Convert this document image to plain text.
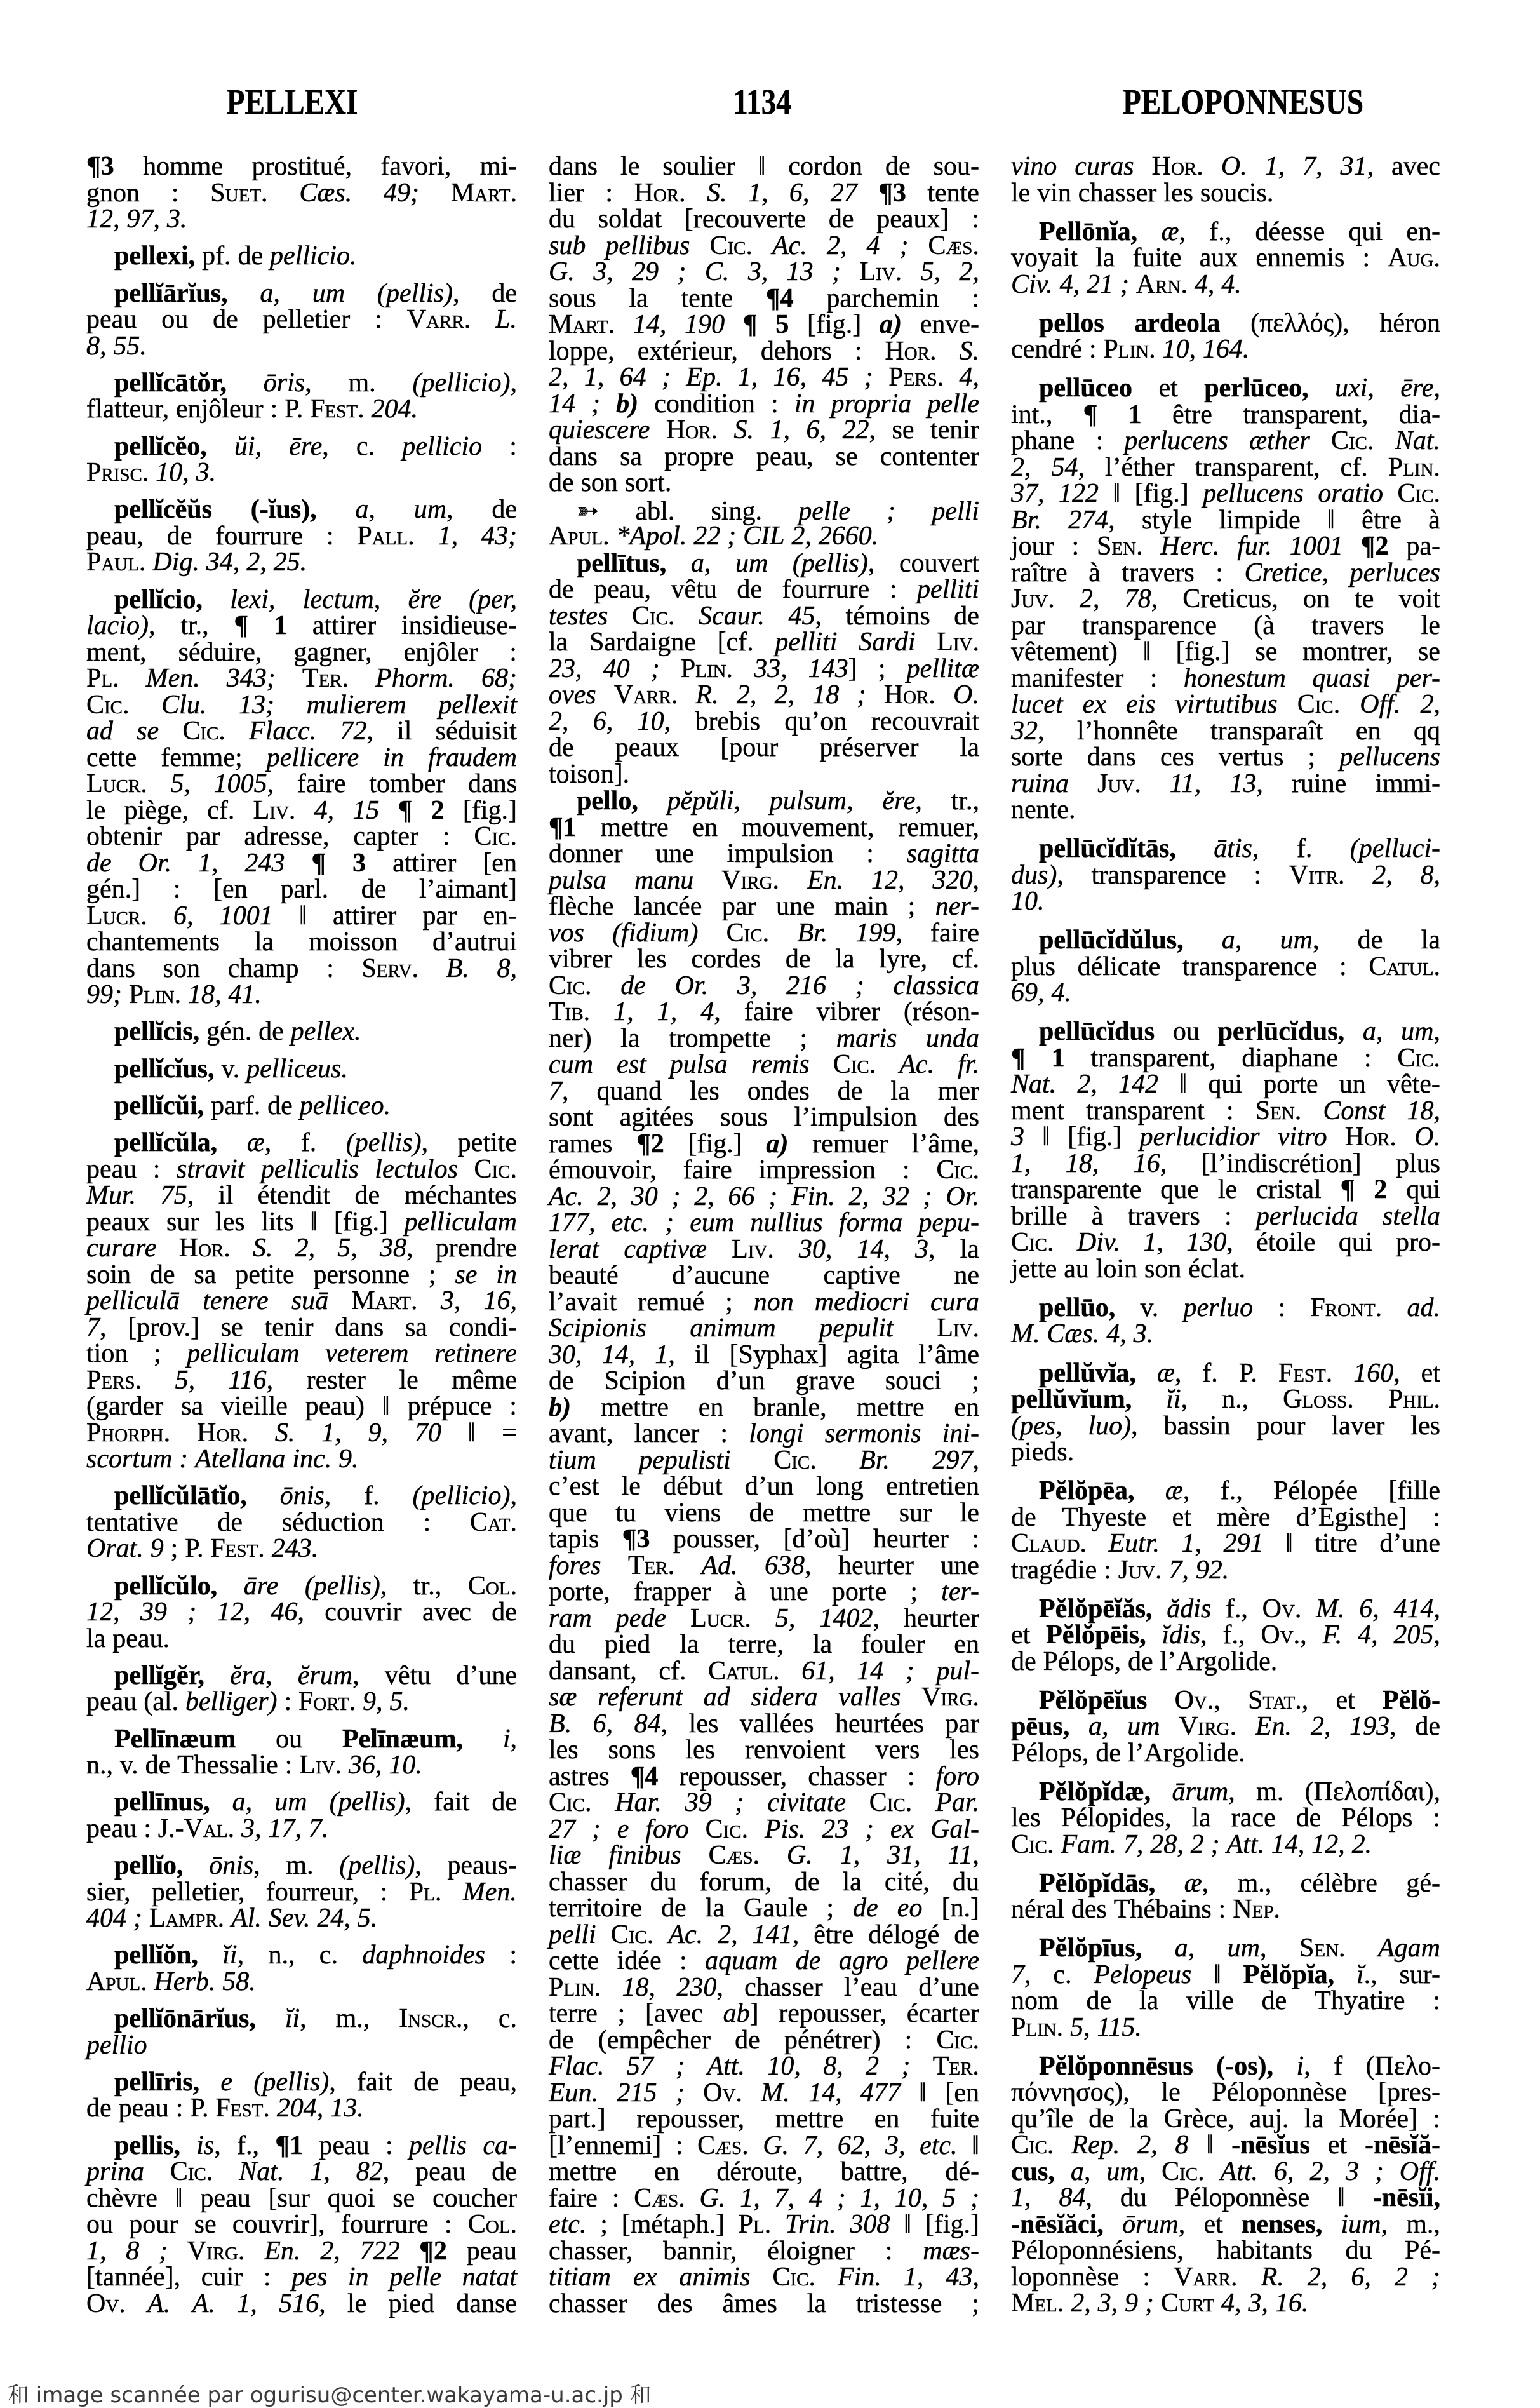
PELLEXI	1134	PELOPONNESUS
¶3 homme prostitué, favori, mi-
gnon : Suet. Cæs. 49; Mart.
12, 97, 3.
pellexi, pf. de pellicio.
pellĭārĭus, a, um (pellis), de
peau ou de pelletier : Varr. L.
8, 55.
pellĭcātŏr, ōris, m. (pellicio),
flatteur, enjôleur : P. Fest. 204.
pellĭcĕo, ŭi, ēre, c. pellicio :
Prisc. 10, 3.
pellĭcĕŭs (-ĭus), a, um, de
peau, de fourrure : Pall. 1, 43;
Paul. Dig. 34, 2, 25.
pellĭcio, lexi, lectum, ĕre (per,
lacio), tr., ¶ 1 attirer insidieuse-
ment, séduire, gagner, enjôler :
Pl. Men. 343; Ter. Phorm. 68;
Cic. Clu. 13; mulierem pellexit
ad se Cic. Flacc. 72, il séduisit
cette femme; pellicere in fraudem
Lucr. 5, 1005, faire tomber dans
le piège, cf. Liv. 4, 15 ¶ 2 [fig.]
obtenir par adresse, capter : Cic.
de Or. 1, 243 ¶ 3 attirer [en
gén.] : [en parl. de l’aimant]
Lucr. 6, 1001 ‖ attirer par en-
chantements la moisson d’autrui
dans son champ : Serv. B. 8,
99; Plin. 18, 41.
pellĭcis, gén. de pellex.
pellĭcĭus, v. pelliceus.
pellĭcŭi, parf. de pelliceo.
pellĭcŭla, æ, f. (pellis), petite
peau : stravit pelliculis lectulos Cic.
Mur. 75, il étendit de méchantes
peaux sur les lits ‖ [fig.] pelliculam
curare Hor. S. 2, 5, 38, prendre
soin de sa petite personne ; se in
pelliculā tenere suā Mart. 3, 16,
7, [prov.] se tenir dans sa condi-
tion ; pelliculam veterem retinere
Pers. 5, 116, rester le même
(garder sa vieille peau) ‖ prépuce :
Phorph. Hor. S. 1, 9, 70 ‖ =
scortum : Atellana inc. 9.
pellĭcŭlātĭo, ōnis, f. (pellicio),
tentative de séduction : Cat.
Orat. 9 ; P. Fest. 243.
pellĭcŭlo, āre (pellis), tr., Col.
12, 39 ; 12, 46, couvrir avec de
la peau.
pellĭgĕr, ĕra, ĕrum, vêtu d’une
peau (al. belliger) : Fort. 9, 5.
Pellīnæum ou Pelīnæum, i,
n., v. de Thessalie : Liv. 36, 10.
pellīnus, a, um (pellis), fait de
peau : J.-Val. 3, 17, 7.
pellĭo, ōnis, m. (pellis), peaus-
sier, pelletier, fourreur, : Pl. Men.
404 ; Lampr. Al. Sev. 24, 5.
pellĭŏn, ĭi, n., c. daphnoides :
Apul. Herb. 58.
pellĭōnārĭus, ĭi, m., Inscr., c.
pellio
pellīris, e (pellis), fait de peau,
de peau : P. Fest. 204, 13.
pellis, is, f., ¶1 peau : pellis ca-
prina Cic. Nat. 1, 82, peau de
chèvre ‖ peau [sur quoi se coucher
ou pour se couvrir], fourrure : Col.
1, 8 ; Virg. En. 2, 722 ¶2 peau
[tannée], cuir : pes in pelle natat
Ov. A. A. 1, 516, le pied danse
dans le soulier ‖ cordon de sou-
lier : Hor. S. 1, 6, 27 ¶3 tente
du soldat [recouverte de peaux] :
sub pellibus Cic. Ac. 2, 4 ; Cæs.
G. 3, 29 ; C. 3, 13 ; Liv. 5, 2,
sous la tente ¶4 parchemin :
Mart. 14, 190 ¶ 5 [fig.] a) enve-
loppe, extérieur, dehors : Hor. S.
2, 1, 64 ; Ep. 1, 16, 45 ; Pers. 4,
14 ; b) condition : in propria pelle
quiescere Hor. S. 1, 6, 22, se tenir
dans sa propre peau, se contenter
de son sort.
➳ abl. sing. pelle ; pelli
Apul. *Apol. 22 ; CIL 2, 2660.
pellītus, a, um (pellis), couvert
de peau, vêtu de fourrure : pelliti
testes Cic. Scaur. 45, témoins de
la Sardaigne [cf. pelliti Sardi Liv.
23, 40 ; Plin. 33, 143] ; pellitæ
oves Varr. R. 2, 2, 18 ; Hor. O.
2, 6, 10, brebis qu’on recouvrait
de peaux [pour préserver la
toison].
pello, pĕpŭli, pulsum, ĕre, tr.,
¶1 mettre en mouvement, remuer,
donner une impulsion : sagitta
pulsa manu Virg. En. 12, 320,
flèche lancée par une main ; ner-
vos (fidium) Cic. Br. 199, faire
vibrer les cordes de la lyre, cf.
Cic. de Or. 3, 216 ; classica
Tib. 1, 1, 4, faire vibrer (réson-
ner) la trompette ; maris unda
cum est pulsa remis Cic. Ac. fr.
7, quand les ondes de la mer
sont agitées sous l’impulsion des
rames ¶2 [fig.] a) remuer l’âme,
émouvoir, faire impression : Cic.
Ac. 2, 30 ; 2, 66 ; Fin. 2, 32 ; Or.
177, etc. ; eum nullius forma pepu-
lerat captivæ Liv. 30, 14, 3, la
beauté d’aucune captive ne
l’avait remué ; non mediocri cura
Scipionis animum pepulit Liv.
30, 14, 1, il [Syphax] agita l’âme
de Scipion d’un grave souci ;
b) mettre en branle, mettre en
avant, lancer : longi sermonis ini-
tium pepulisti Cic. Br. 297,
c’est le début d’un long entretien
que tu viens de mettre sur le
tapis ¶3 pousser, [d’où] heurter :
fores Ter. Ad. 638, heurter une
porte, frapper à une porte ; ter-
ram pede Lucr. 5, 1402, heurter
du pied la terre, la fouler en
dansant, cf. Catul. 61, 14 ; pul-
sæ referunt ad sidera valles Virg.
B. 6, 84, les vallées heurtées par
les sons les renvoient vers les
astres ¶4 repousser, chasser : foro
Cic. Har. 39 ; civitate Cic. Par.
27 ; e foro Cic. Pis. 23 ; ex Gal-
liæ finibus Cæs. G. 1, 31, 11,
chasser du forum, de la cité, du
territoire de la Gaule ; de eo [n.]
pelli Cic. Ac. 2, 141, être délogé de
cette idée : aquam de agro pellere
Plin. 18, 230, chasser l’eau d’une
terre ; [avec ab] repousser, écarter
de (empêcher de pénétrer) : Cic.
Flac. 57 ; Att. 10, 8, 2 ; Ter.
Eun. 215 ; Ov. M. 14, 477 ‖ [en
part.] repousser, mettre en fuite
[l’ennemi] : Cæs. G. 7, 62, 3, etc. ‖
mettre en déroute, battre, dé-
faire : Cæs. G. 1, 7, 4 ; 1, 10, 5 ;
etc. ; [métaph.] Pl. Trin. 308 ‖ [fig.]
chasser, bannir, éloigner : mæs-
titiam ex animis Cic. Fin. 1, 43,
chasser des âmes la tristesse ;
vino curas Hor. O. 1, 7, 31, avec
le vin chasser les soucis.
Pellōnĭa, æ, f., déesse qui en-
voyait la fuite aux ennemis : Aug.
Civ. 4, 21 ; Arn. 4, 4.
pellos ardeola (πελλός), héron
cendré : Plin. 10, 164.
pellūceo et perlūceo, uxi, ēre,
int., ¶ 1 être transparent, dia-
phane : perlucens æther Cic. Nat.
2, 54, l’éther transparent, cf. Plin.
37, 122 ‖ [fig.] pellucens oratio Cic.
Br. 274, style limpide ‖ être à
jour : Sen. Herc. fur. 1001 ¶2 pa-
raître à travers : Cretice, perluces
Juv. 2, 78, Creticus, on te voit
par transparence (à travers le
vêtement) ‖ [fig.] se montrer, se
manifester : honestum quasi per-
lucet ex eis virtutibus Cic. Off. 2,
32, l’honnête transparaît en qq
sorte dans ces vertus ; pellucens
ruina Juv. 11, 13, ruine immi-
nente.
pellūcĭdĭtās, ātis, f. (pelluci-
dus), transparence : Vitr. 2, 8,
10.
pellūcĭdŭlus, a, um, de la
plus délicate transparence : Catul.
69, 4.
pellūcĭdus ou perlūcĭdus, a, um,
¶ 1 transparent, diaphane : Cic.
Nat. 2, 142 ‖ qui porte un vête-
ment transparent : Sen. Const 18,
3 ‖ [fig.] perlucidior vitro Hor. O.
1, 18, 16, [l’indiscrétion] plus
transparente que le cristal ¶ 2 qui
brille à travers : perlucida stella
Cic. Div. 1, 130, étoile qui pro-
jette au loin son éclat.
pellūo, v. perluo : Front. ad.
M. Cæs. 4, 3.
pellŭvĭa, æ, f. P. Fest. 160, et
pellŭvĭum, ĭi, n., Gloss. Phil.
(pes, luo), bassin pour laver les
pieds.
Pĕlŏpēa, æ, f., Pélopée [fille
de Thyeste et mère d’Egisthe] :
Claud. Eutr. 1, 291 ‖ titre d’une
tragédie : Juv. 7, 92.
Pĕlŏpēĭăs, ădis f., Ov. M. 6, 414,
et Pĕlŏpēis, ĭdis, f., Ov., F. 4, 205,
de Pélops, de l’Argolide.
Pĕlŏpēĭus Ov., Stat., et Pĕlŏ-
pēus, a, um Virg. En. 2, 193, de
Pélops, de l’Argolide.
Pĕlŏpĭdæ, ārum, m. (Πελοπίδαι),
les Pélopides, la race de Pélops :
Cic. Fam. 7, 28, 2 ; Att. 14, 12, 2.
Pĕlŏpĭdās, æ, m., célèbre gé-
néral des Thébains : Nep.
Pĕlŏpīus, a, um, Sen. Agam
7, c. Pelopeus ‖ Pĕlŏpĭa, ĭ., sur-
nom de la ville de Thyatire :
Plin. 5, 115.
Pĕlŏponnēsus (-os), i, f (Πελο-
πόννησος), le Péloponnèse [pres-
qu’île de la Grèce, auj. la Morée] :
Cic. Rep. 2, 8 ‖ -nēsĭus et -nēsĭă-
cus, a, um, Cic. Att. 6, 2, 3 ; Off.
1, 84, du Péloponnèse ‖ -nēsĭi,
-nēsĭăci, ōrum, et nenses, ium, m.,
Péloponnésiens, habitants du Pé-
loponnèse : Varr. R. 2, 6, 2 ;
Mel. 2, 3, 9 ; Curt 4, 3, 16.
和 image scannée par ogurisu@center.wakayama-u.ac.jp 和
